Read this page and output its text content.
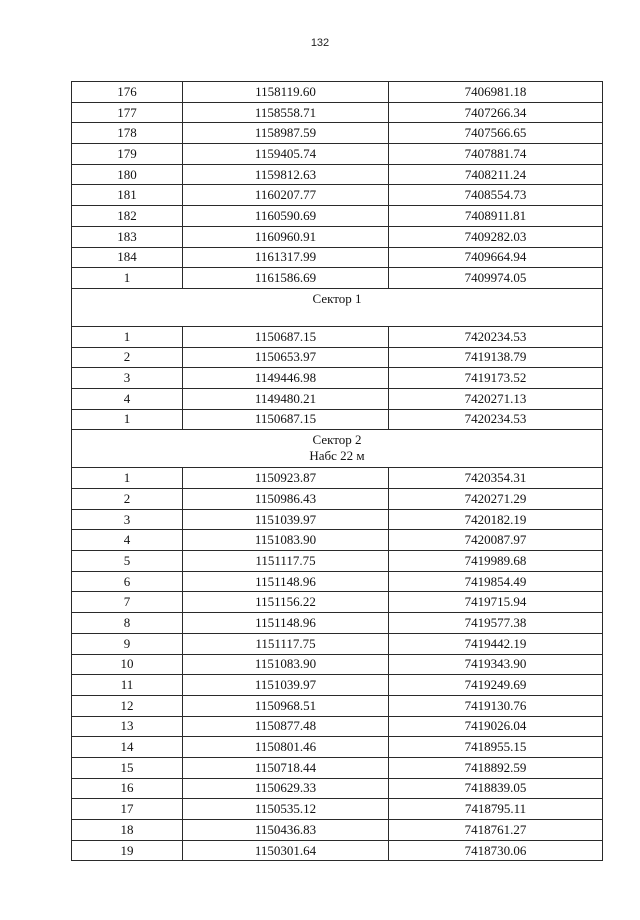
132
176	1158119.60	7406981.18
177	1158558.71	7407266.34
178	1158987.59	7407566.65
179	1159405.74	7407881.74
180	1159812.63	7408211.24
181	1160207.77	7408554.73
182	1160590.69	7408911.81
183	1160960.91	7409282.03
184	1161317.99	7409664.94
1	1161586.69	7409974.05

Сектор 1		

1	1150687.15	7420234.53
2	1150653.97	7419138.79
3	1149446.98	7419173.52
4	1149480.21	7420271.13
1	1150687.15	7420234.53

Сектор 2
Набс 22 м		

1	1150923.87	7420354.31
2	1150986.43	7420271.29
3	1151039.97	7420182.19
4	1151083.90	7420087.97
5	1151117.75	7419989.68
6	1151148.96	7419854.49
7	1151156.22	7419715.94
8	1151148.96	7419577.38
9	1151117.75	7419442.19
10	1151083.90	7419343.90
11	1151039.97	7419249.69
12	1150968.51	7419130.76
13	1150877.48	7419026.04
14	1150801.46	7418955.15
15	1150718.44	7418892.59
16	1150629.33	7418839.05
17	1150535.12	7418795.11
18	1150436.83	7418761.27
19	1150301.64	7418730.06
